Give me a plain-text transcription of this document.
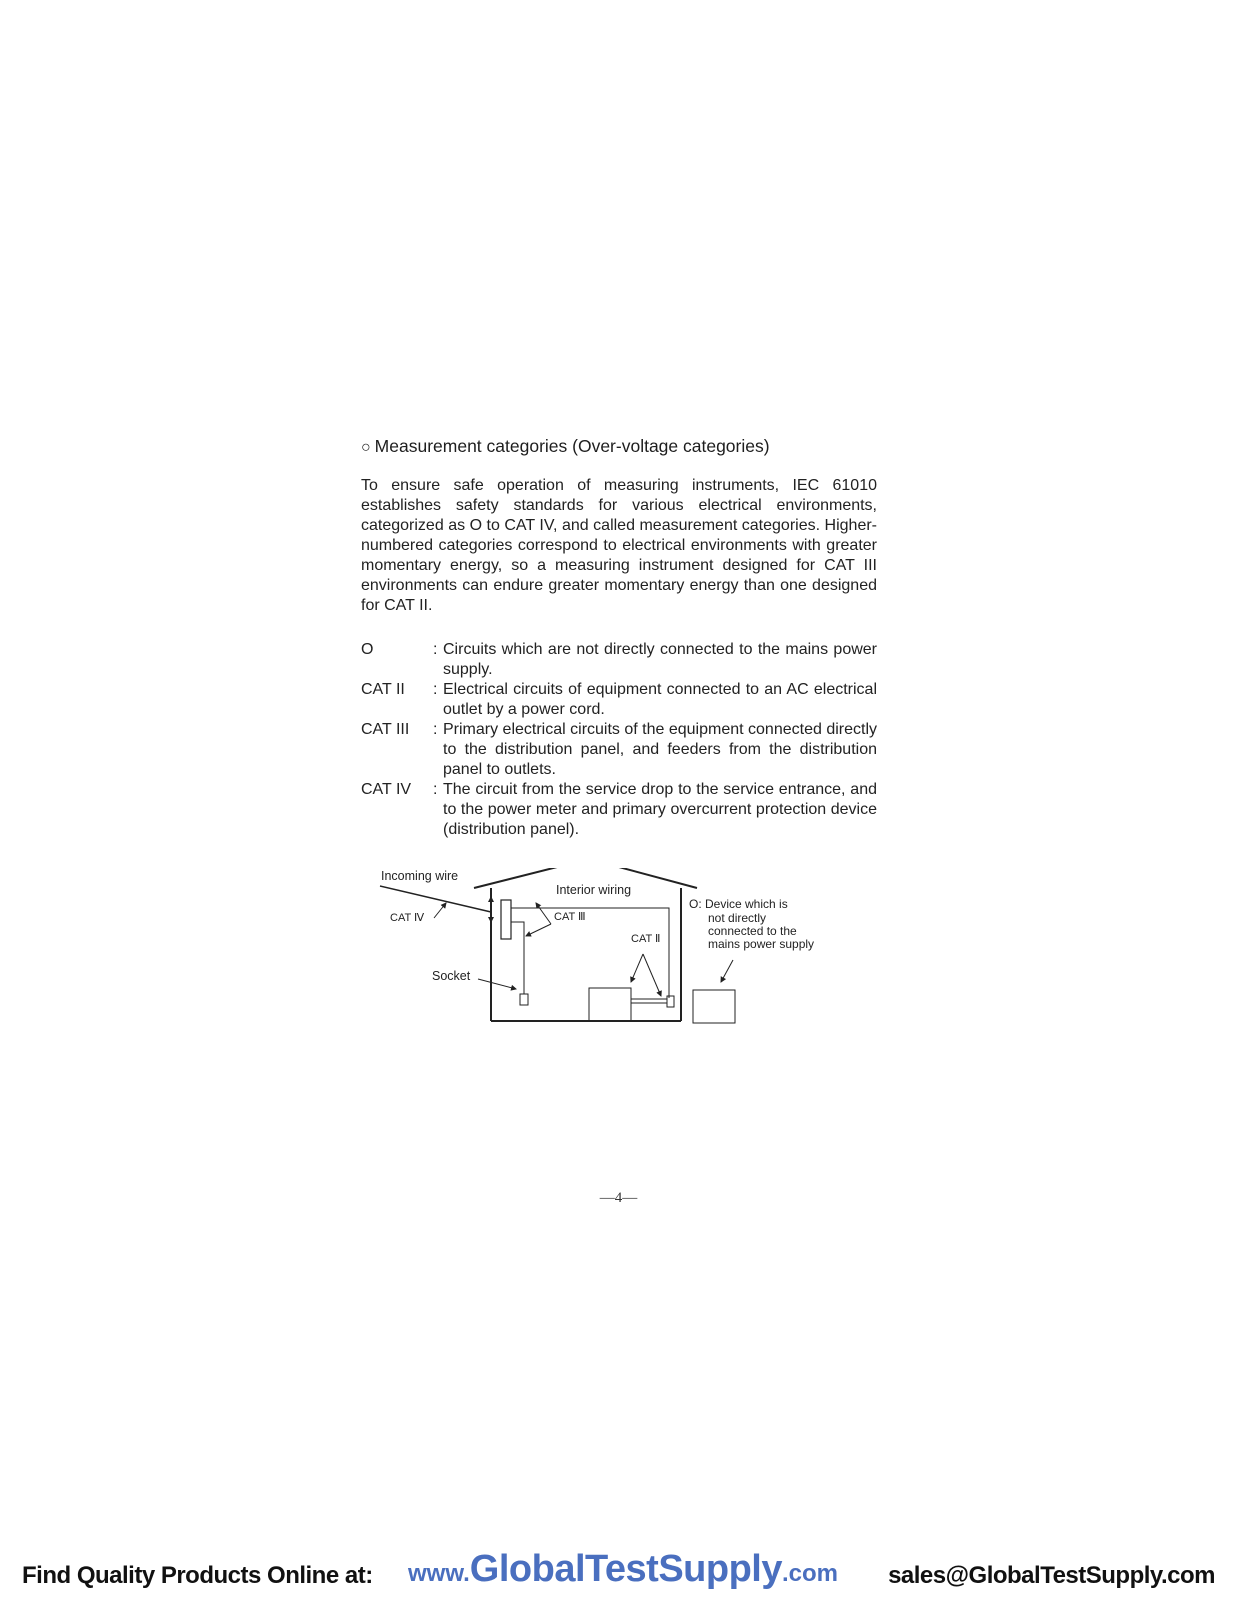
○ Measurement categories (Over-voltage categories)

To ensure safe operation of measuring instruments, IEC 61010 establishes safety standards for various electrical environments, categorized as O to CAT IV, and called measurement categories. Higher-numbered categories correspond to electrical environments with greater momentary energy, so a measuring instrument designed for CAT III environments can endure greater momentary energy than one designed for CAT II.

O	: Circuits which are not directly connected to the mains power supply.
CAT II	: Electrical circuits of equipment connected to an AC electrical outlet by a power cord.
CAT III	: Primary electrical circuits of the equipment connected directly to the distribution panel, and feeders from the distribution panel to outlets.
CAT IV	: The circuit from the service drop to the service entrance, and to the power meter and primary overcurrent protection device (distribution panel).
Incoming wire
Interior wiring
CAT Ⅳ	CAT Ⅲ
CAT Ⅱ
Socket
O: Device which is
not directly
connected to the
mains power supply
—4—
Find Quality Products Online at: www.GlobalTestSupply.com sales@GlobalTestSupply.com
